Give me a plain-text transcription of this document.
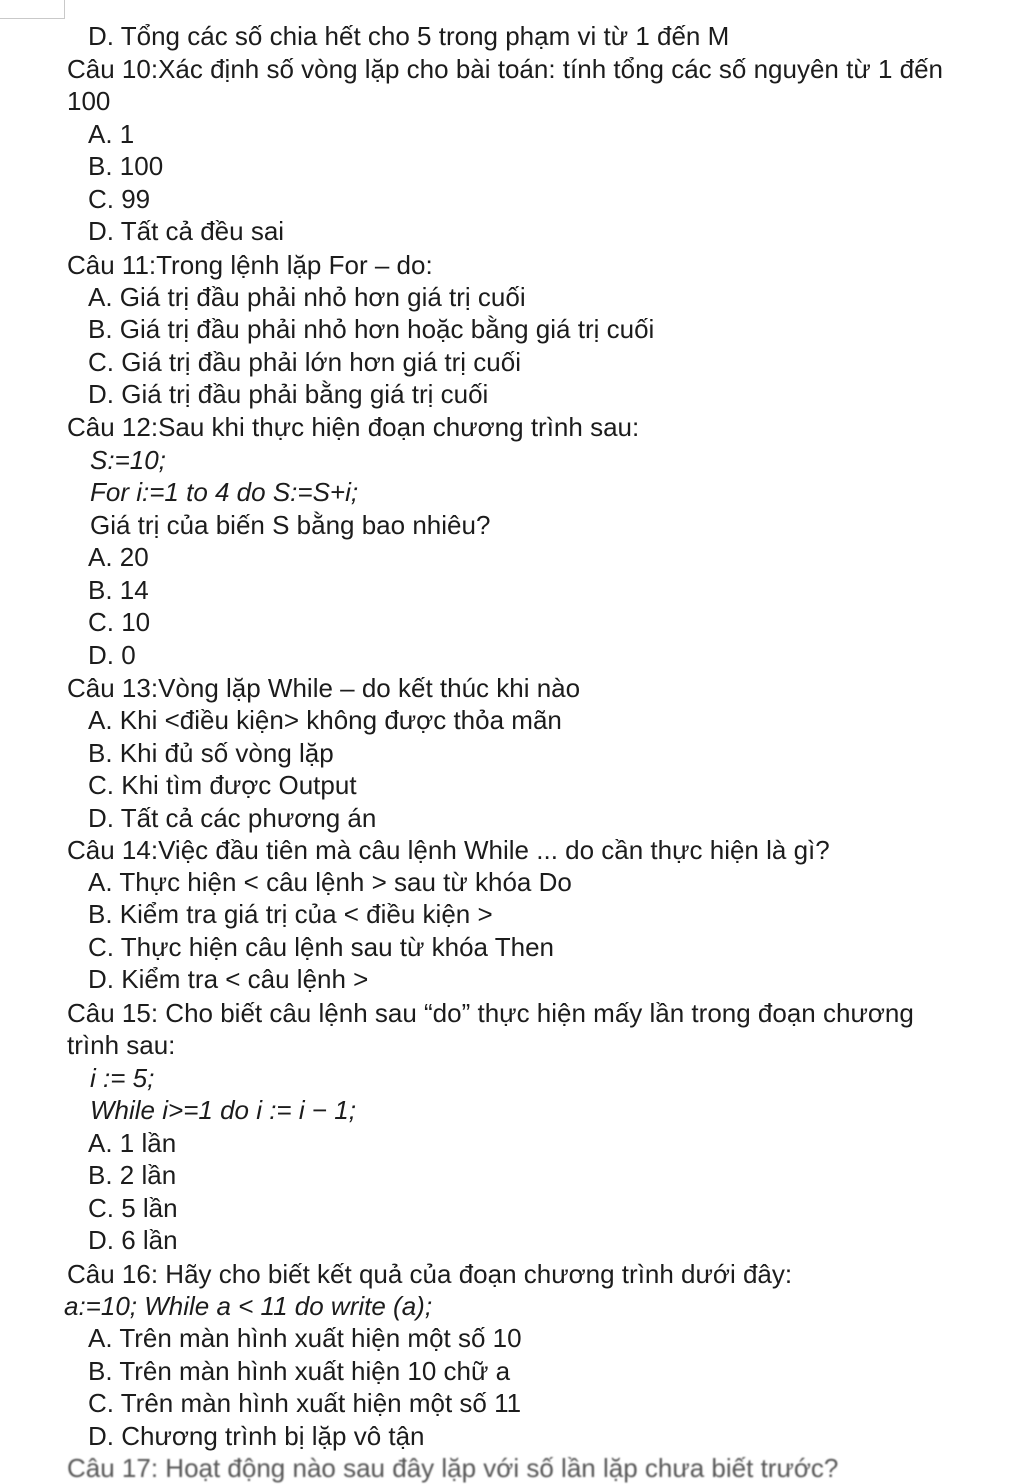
D. Tổng các số chia hết cho 5 trong phạm vi từ 1 đến M
Câu 10:Xác định số vòng lặp cho bài toán: tính tổng các số nguyên từ 1 đến
100
A. 1
B. 100
C. 99
D. Tất cả đều sai
Câu 11:Trong lệnh lặp For – do:
A. Giá trị đầu phải nhỏ hơn giá trị cuối
B. Giá trị đầu phải nhỏ hơn hoặc bằng giá trị cuối
C. Giá trị đầu phải lớn hơn giá trị cuối
D. Giá trị đầu phải bằng giá trị cuối
Câu 12:Sau khi thực hiện đoạn chương trình sau:
S:=10;
For i:=1 to 4 do S:=S+i;
Giá trị của biến S bằng bao nhiêu?
A. 20
B. 14
C. 10
D. 0
Câu 13:Vòng lặp While – do kết thúc khi nào
A. Khi <điều kiện> không được thỏa mãn
B. Khi đủ số vòng lặp
C. Khi tìm được Output
D. Tất cả các phương án
Câu 14:Việc đầu tiên mà câu lệnh While ... do cần thực hiện là gì?
A. Thực hiện < câu lệnh > sau từ khóa Do
B. Kiểm tra giá trị của < điều kiện >
C. Thực hiện câu lệnh sau từ khóa Then
D. Kiểm tra < câu lệnh >
Câu 15: Cho biết câu lệnh sau “do” thực hiện mấy lần trong đoạn chương
trình sau:
i := 5;
While i>=1 do i := i − 1;
A. 1 lần
B. 2 lần
C. 5 lần
D. 6 lần
Câu 16: Hãy cho biết kết quả của đoạn chương trình dưới đây:
a:=10; While a < 11 do write (a);
A. Trên màn hình xuất hiện một số 10
B. Trên màn hình xuất hiện 10 chữ a
C. Trên màn hình xuất hiện một số 11
D. Chương trình bị lặp vô tận
Câu 17: Hoạt động nào sau đây lặp với số lần lặp chưa biết trước?
